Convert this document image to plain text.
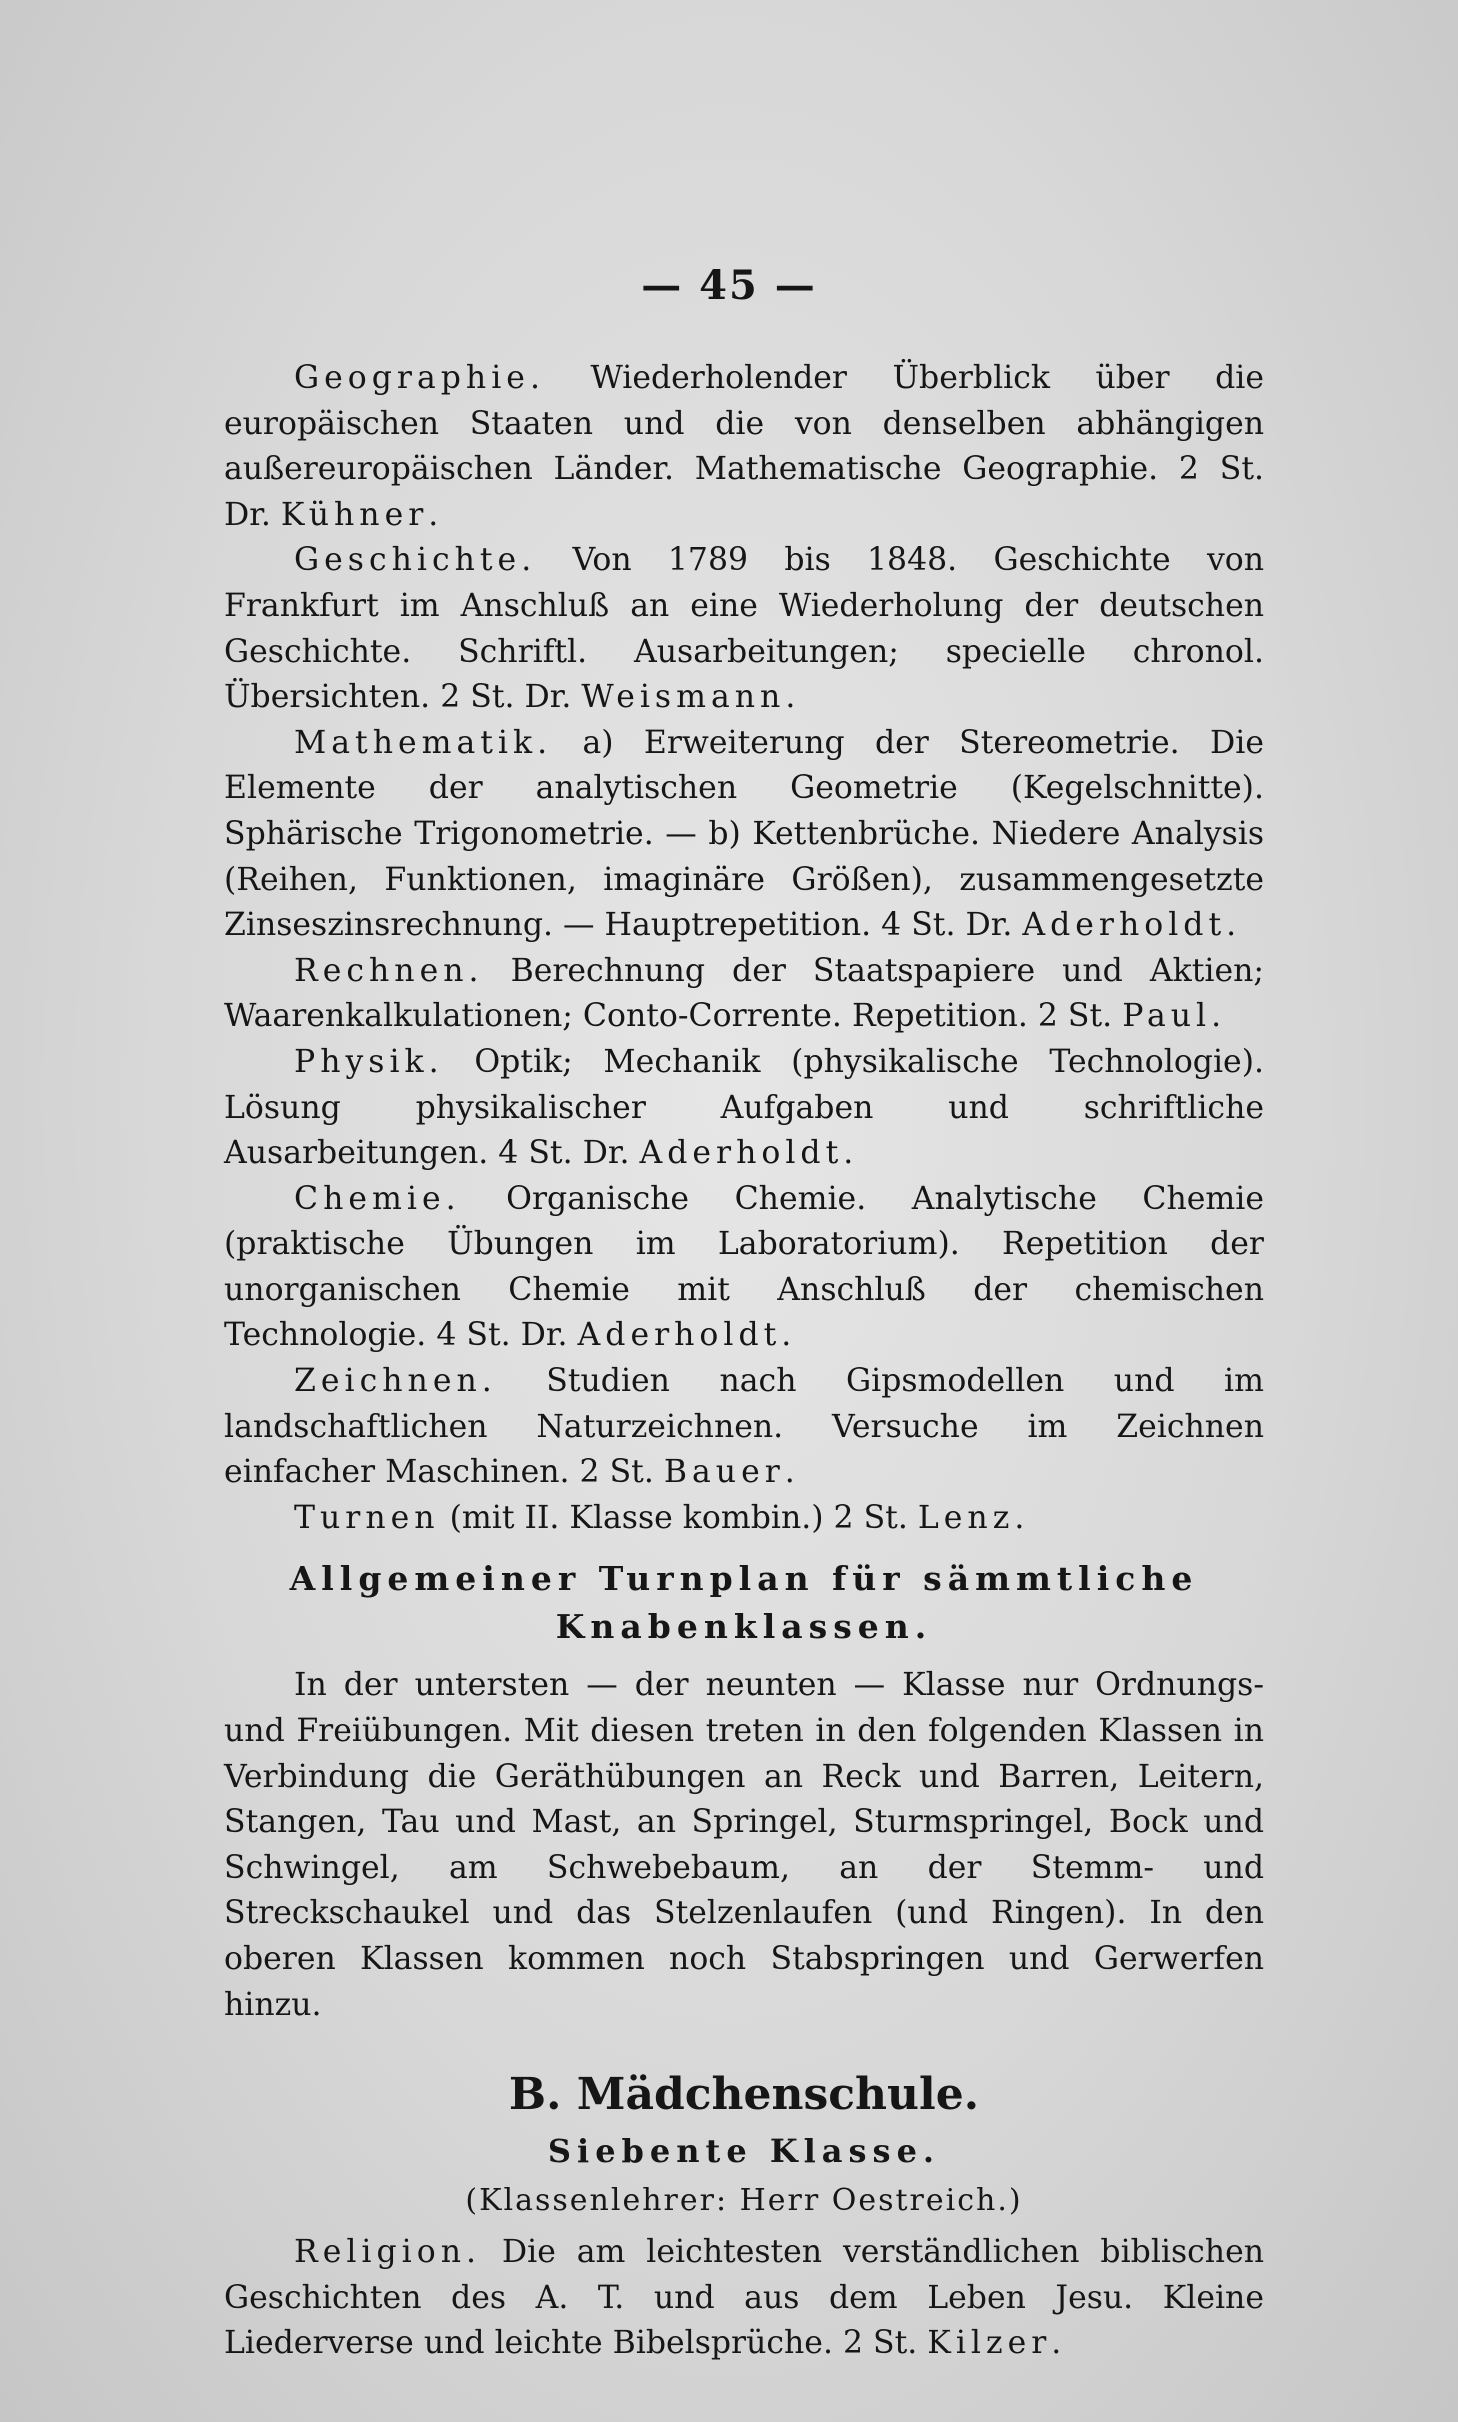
— 45 —

Geographie. Wiederholender Überblick über die europäischen Staaten und die von denselben abhängigen außereuropäischen Länder. Mathematische Geographie. 2 St. Dr. Kühner.

Geschichte. Von 1789 bis 1848. Geschichte von Frankfurt im Anschluß an eine Wiederholung der deutschen Geschichte. Schriftl. Ausarbeitungen; specielle chronol. Übersichten. 2 St. Dr. Weismann.

Mathematik. a) Erweiterung der Stereometrie. Die Elemente der analytischen Geometrie (Kegelschnitte). Sphärische Trigonometrie. — b) Kettenbrüche. Niedere Analysis (Reihen, Funktionen, imaginäre Größen), zusammengesetzte Zinseszinsrechnung. — Hauptrepetition. 4 St. Dr. Aderholdt.

Rechnen. Berechnung der Staatspapiere und Aktien; Waarenkalkulationen; Conto-Corrente. Repetition. 2 St. Paul.

Physik. Optik; Mechanik (physikalische Technologie). Lösung physikalischer Aufgaben und schriftliche Ausarbeitungen. 4 St. Dr. Aderholdt.

Chemie. Organische Chemie. Analytische Chemie (praktische Übungen im Laboratorium). Repetition der unorganischen Chemie mit Anschluß der chemischen Technologie. 4 St. Dr. Aderholdt.

Zeichnen. Studien nach Gipsmodellen und im landschaftlichen Naturzeichnen. Versuche im Zeichnen einfacher Maschinen. 2 St. Bauer.

Turnen (mit II. Klasse kombin.) 2 St. Lenz.

Allgemeiner Turnplan für sämmtliche Knabenklassen.

In der untersten — der neunten — Klasse nur Ordnungs- und Freiübungen. Mit diesen treten in den folgenden Klassen in Verbindung die Geräthübungen an Reck und Barren, Leitern, Stangen, Tau und Mast, an Springel, Sturmspringel, Bock und Schwingel, am Schwebebaum, an der Stemm- und Streckschaukel und das Stelzenlaufen (und Ringen). In den oberen Klassen kommen noch Stabspringen und Gerwerfen hinzu.

B. Mädchenschule.
Siebente Klasse.
(Klassenlehrer: Herr Oestreich.)

Religion. Die am leichtesten verständlichen biblischen Geschichten des A. T. und aus dem Leben Jesu. Kleine Liederverse und leichte Bibelsprüche. 2 St. Kilzer.
